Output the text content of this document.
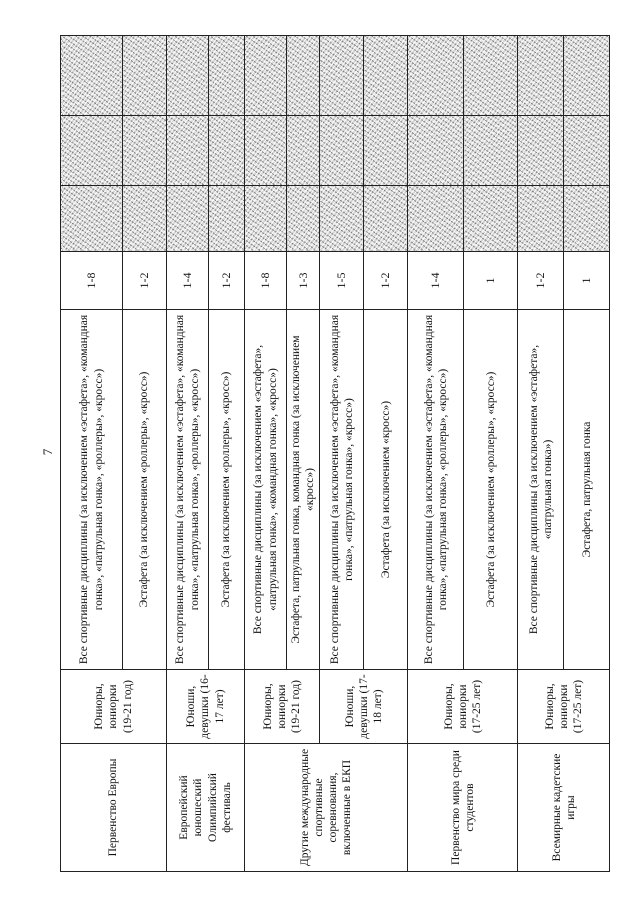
7
Первенство Европы	Юниоры, юниорки (19-21 год)	Все спортивные дисциплины (за исключением «эстафета», «командная гонка», «патрульная гонка», «роллеры», «кросс»)	1-8			
		Эстафета (за исключением «роллеры», «кросс»)	1-2			
Европейский юношеский Олимпийский фестиваль	Юноши, девушки (16-17 лет)	Все спортивные дисциплины (за исключением «эстафета», «командная гонка», «патрульная гонка», «роллеры», «кросс»)	1-4			
		Эстафета (за исключением «роллеры», «кросс»)	1-2			
Другие международные спортивные соревнования, включенные в ЕКП	Юниоры, юниорки (19-21 год)	Все спортивные дисциплины (за исключением «эстафета», «патрульная гонка», «командная гонка», «кросс»)	1-8			
		Эстафета, патрульная гонка, командная гонка (за исключением «кросс»)	1-3			
	Юноши, девушки (17-18 лет)	Все спортивные дисциплины (за исключением «эстафета», «командная гонка», «патрульная гонка», «кросс»)	1-5			
		Эстафета (за исключением «кросс»)	1-2			
Первенство мира среди студентов	Юниоры, юниорки (17-25 лет)	Все спортивные дисциплины (за исключением «эстафета», «командная гонка», «патрульная гонка», «роллеры», «кросс»)	1-4			
		Эстафета (за исключением «роллеры», «кросс»)	1			
Всемирные кадетские игры	Юниоры, юниорки (17-25 лет)	Все спортивные дисциплины (за исключением «эстафета», «патрульная гонка»)	1-2			
		Эстафета, патрульная гонка	1			
